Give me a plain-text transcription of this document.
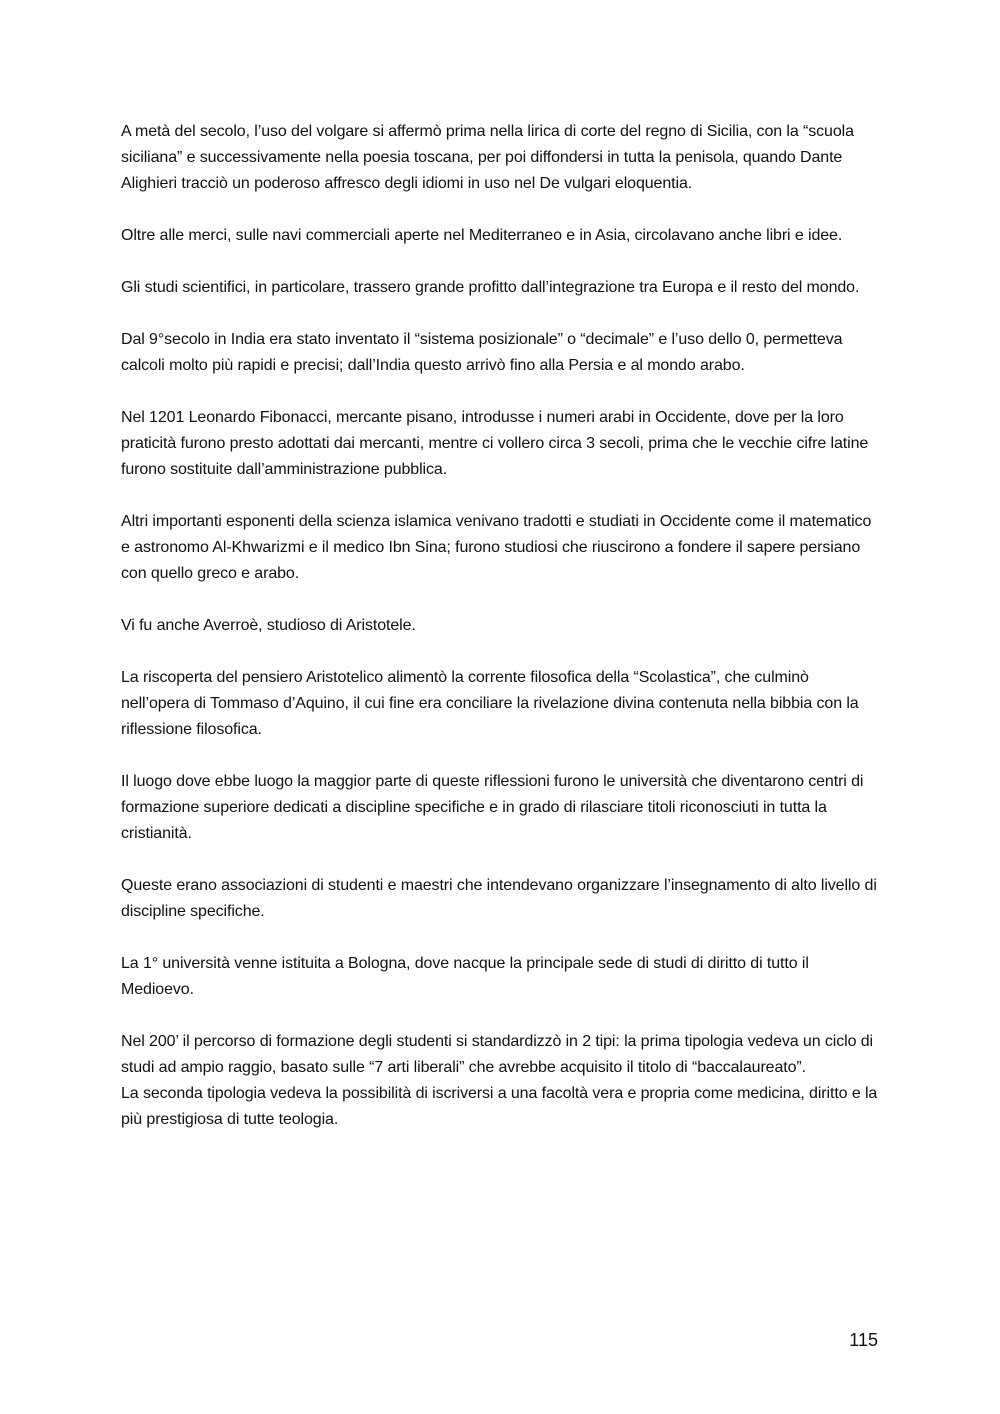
A metà del secolo, l’uso del volgare si affermò prima nella lirica di corte del regno di Sicilia, con la “scuola siciliana” e successivamente nella poesia toscana, per poi diffondersi in tutta la penisola, quando Dante Alighieri tracciò un poderoso affresco degli idiomi in uso nel De vulgari eloquentia.

Oltre alle merci, sulle navi commerciali aperte nel Mediterraneo e in Asia, circolavano anche libri e idee.

Gli studi scientifici, in particolare, trassero grande profitto dall’integrazione tra Europa e il resto del mondo.

Dal 9°secolo in India era stato inventato il “sistema posizionale” o “decimale” e l’uso dello 0, permetteva calcoli molto più rapidi e precisi; dall’India questo arrivò fino alla Persia e al mondo arabo.

Nel 1201 Leonardo Fibonacci, mercante pisano, introdusse i numeri arabi in Occidente, dove per la loro praticità furono presto adottati dai mercanti, mentre ci vollero circa 3 secoli, prima che le vecchie cifre latine furono sostituite dall’amministrazione pubblica.

Altri importanti esponenti della scienza islamica venivano tradotti e studiati in Occidente come il matematico e astronomo Al-Khwarizmi e il medico Ibn Sina; furono studiosi che riuscirono a fondere il sapere persiano con quello greco e arabo.

Vi fu anche Averroè, studioso di Aristotele.

La riscoperta del pensiero Aristotelico alimentò la corrente filosofica della “Scolastica”, che culminò nell’opera di Tommaso d’Aquino, il cui fine era conciliare la rivelazione divina contenuta nella bibbia con la riflessione filosofica.

Il luogo dove ebbe luogo la maggior parte di queste riflessioni furono le università che diventarono centri di formazione superiore dedicati a discipline specifiche e in grado di rilasciare titoli riconosciuti in tutta la cristianità.

Queste erano associazioni di studenti e maestri che intendevano organizzare l’insegnamento di alto livello di discipline specifiche.

La 1° università venne istituita a Bologna, dove nacque la principale sede di studi di diritto di tutto il Medioevo.

Nel 200’ il percorso di formazione degli studenti si standardizzò in 2 tipi: la prima tipologia vedeva un ciclo di studi ad ampio raggio, basato sulle “7 arti liberali” che avrebbe acquisito il titolo di “baccalaureato”.

La seconda tipologia vedeva la possibilità di iscriversi a una facoltà vera e propria come medicina, diritto e la più prestigiosa di tutte teologia.

115
